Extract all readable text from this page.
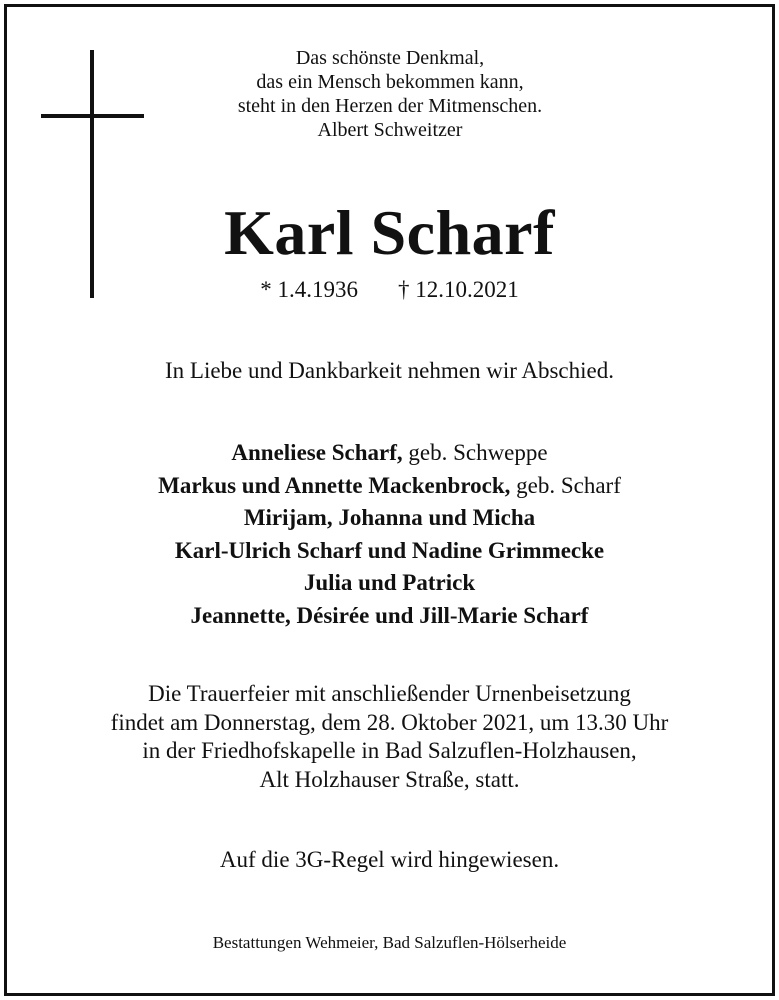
Das schönste Denkmal,
das ein Mensch bekommen kann,
steht in den Herzen der Mitmenschen.
Albert Schweitzer
Karl Scharf
* 1.4.1936 † 12.10.2021
In Liebe und Dankbarkeit nehmen wir Abschied.
Anneliese Scharf, geb. Schweppe
Markus und Annette Mackenbrock, geb. Scharf
Mirijam, Johanna und Micha
Karl-Ulrich Scharf und Nadine Grimmecke
Julia und Patrick
Jeannette, Désirée und Jill-Marie Scharf
Die Trauerfeier mit anschließender Urnenbeisetzung
findet am Donnerstag, dem 28. Oktober 2021, um 13.30 Uhr
in der Friedhofskapelle in Bad Salzuflen-Holzhausen,
Alt Holzhauser Straße, statt.
Auf die 3G-Regel wird hingewiesen.
Bestattungen Wehmeier, Bad Salzuflen-Hölserheide
